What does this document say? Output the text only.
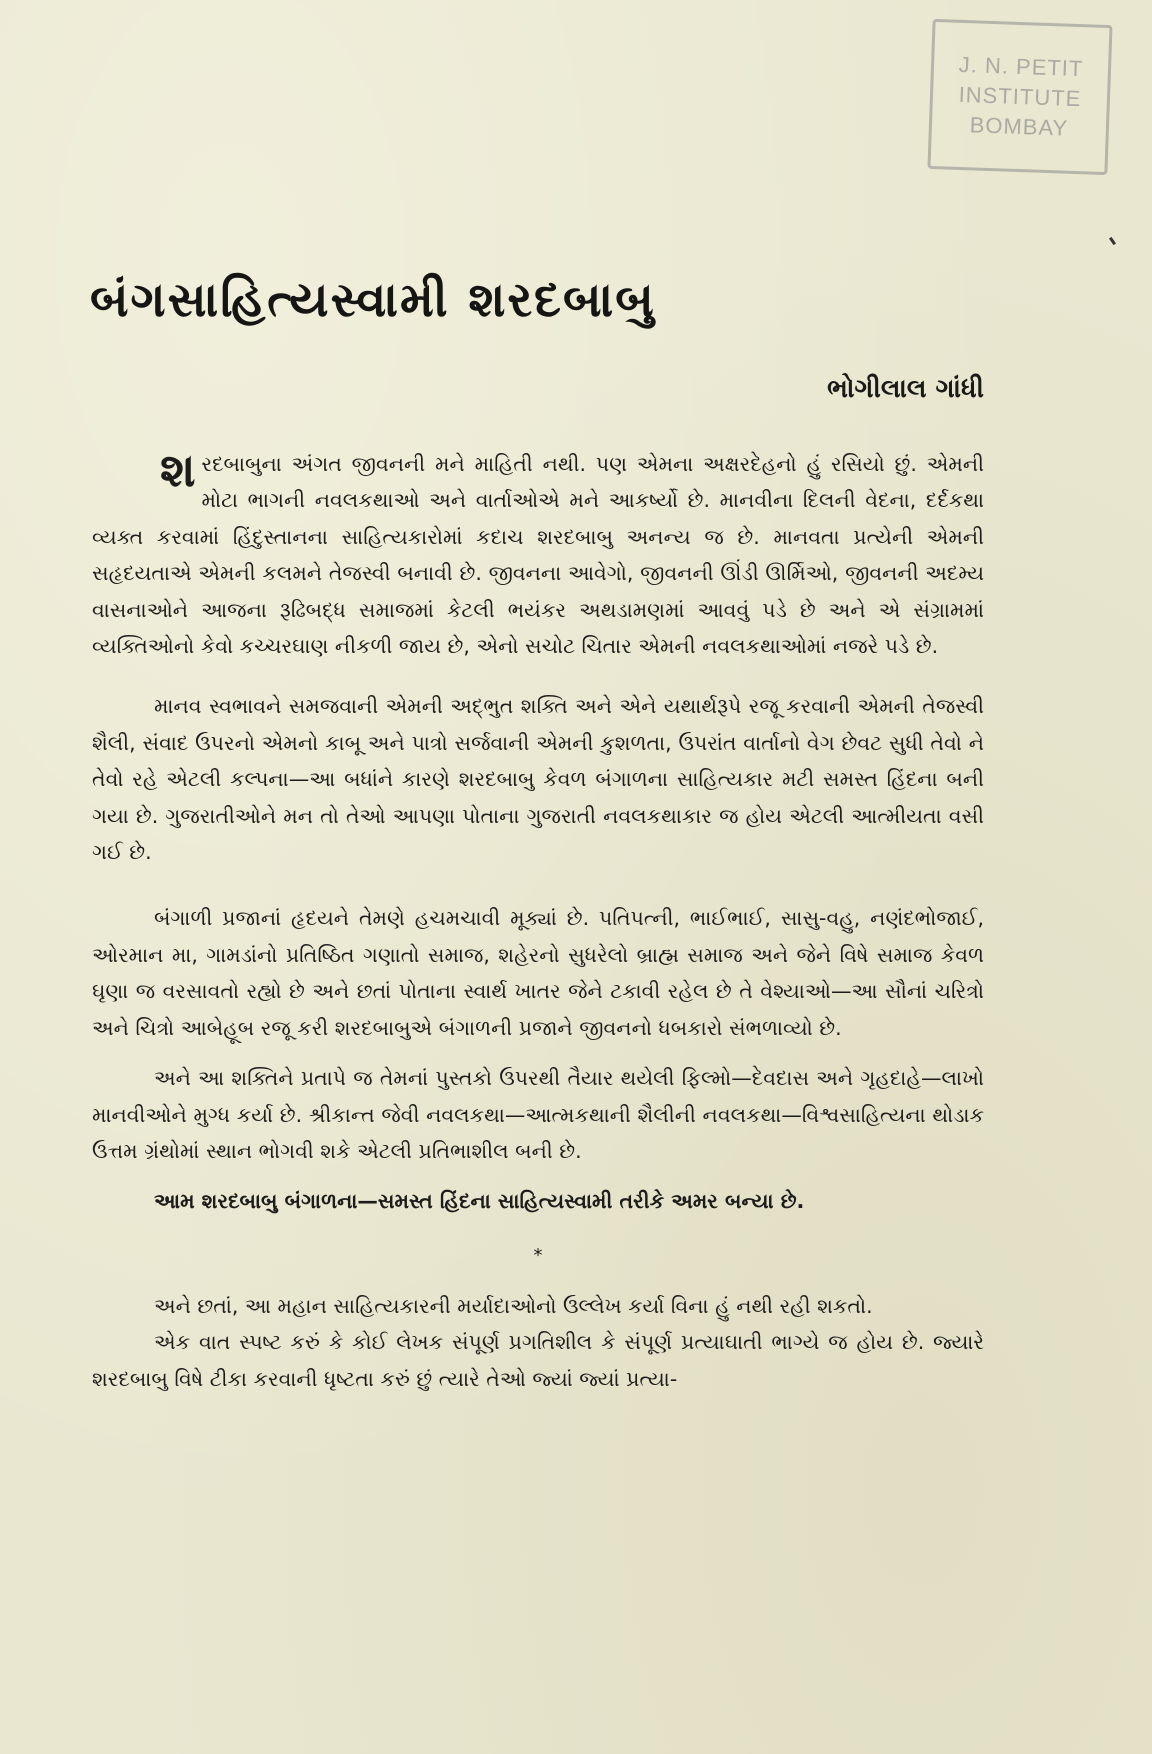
J. N. PETIT
INSTITUTE
BOMBAY
બંગસાહિત્યસ્વામી શરદબાબુ
ભોગીલાલ ગાંધી

શરદબાબુના અંગત જીવનની મને માહિતી નથી. પણ એમના અક્ષરદેહનો હું રસિયો છું. એમની મોટા ભાગની નવલકથાઓ અને વાર્તાઓએ મને આકર્ષ્યો છે. માનવીના દિલની વેદના, દર્દકથા વ્યક્ત કરવામાં હિંદુસ્તાનના સાહિત્યકારોમાં કદાચ શરદબાબુ અનન્ય જ છે. માનવતા પ્રત્યેની એમની સહૃદયતાએ એમની કલમને તેજસ્વી બનાવી છે. જીવનના આવેગો, જીવનની ઊંડી ઊર્મિઓ, જીવનની અદમ્ય વાસનાઓને આજના રૂઢિબદ્ધ સમાજમાં કેટલી ભયંકર અથડામણમાં આવવું પડે છે અને એ સંગ્રામમાં વ્યક્તિઓનો કેવો કચ્ચરઘાણ નીકળી જાય છે, એનો સચોટ ચિતાર એમની નવલકથાઓમાં નજરે પડે છે.

માનવ સ્વભાવને સમજવાની એમની અદ્ભુત શક્તિ અને એને યથાર્થરૂપે રજૂ કરવાની એમની તેજસ્વી શૈલી, સંવાદ ઉપરનો એમનો કાબૂ અને પાત્રો સર્જવાની એમની કુશળતા, ઉપરાંત વાર્તાનો વેગ છેવટ સુધી તેવો ને તેવો રહે એટલી કલ્પના—આ બધાંને કારણે શરદબાબુ કેવળ બંગાળના સાહિત્યકાર મટી સમસ્ત હિંદના બની ગયા છે. ગુજરાતીઓને મન તો તેઓ આપણા પોતાના ગુજરાતી નવલકથાકાર જ હોય એટલી આત્મીયતા વસી ગઈ છે.

બંગાળી પ્રજાનાં હૃદયને તેમણે હચમચાવી મૂક્યાં છે. પતિપત્ની, ભાઈભાઈ, સાસુ-વહુ, નણંદભોજાઈ, ઓરમાન મા, ગામડાંનો પ્રતિષ્ઠિત ગણાતો સમાજ, શહેરનો સુધરેલો બ્રાહ્મ સમાજ અને જેને વિષે સમાજ કેવળ ઘૃણા જ વરસાવતો રહ્યો છે અને છતાં પોતાના સ્વાર્થ ખાતર જેને ટકાવી રહેલ છે તે વેશ્યાઓ—આ સૌનાં ચરિત્રો અને ચિત્રો આબેહૂબ રજૂ કરી શરદબાબુએ બંગાળની પ્રજાને જીવનનો ધબકારો સંભળાવ્યો છે.

અને આ શક્તિને પ્રતાપે જ તેમનાં પુસ્તકો ઉપરથી તૈયાર થયેલી ફિલ્મો—દેવદાસ અને ગૃહદાહે—લાખો માનવીઓને મુગ્ધ કર્યા છે. શ્રીકાન્ત જેવી નવલકથા—આત્મકથાની શૈલીની નવલકથા—વિશ્વસાહિત્યના થોડાક ઉત્તમ ગ્રંથોમાં સ્થાન ભોગવી શકે એટલી પ્રતિભાશીલ બની છે.

આમ શરદબાબુ બંગાળના—સમસ્ત હિંદના સાહિત્યસ્વામી તરીકે અમર બન્યા છે.

*

અને છતાં, આ મહાન સાહિત્યકારની મર્યાદાઓનો ઉલ્લેખ કર્યા વિના હું નથી રહી શકતો.

એક વાત સ્પષ્ટ કરું કે કોઈ લેખક સંપૂર્ણ પ્રગતિશીલ કે સંપૂર્ણ પ્રત્યાઘાતી ભાગ્યે જ હોય છે. જ્યારે શરદબાબુ વિષે ટીકા કરવાની ધૃષ્ટતા કરું છું ત્યારે તેઓ જ્યાં જ્યાં પ્રત્યા-
